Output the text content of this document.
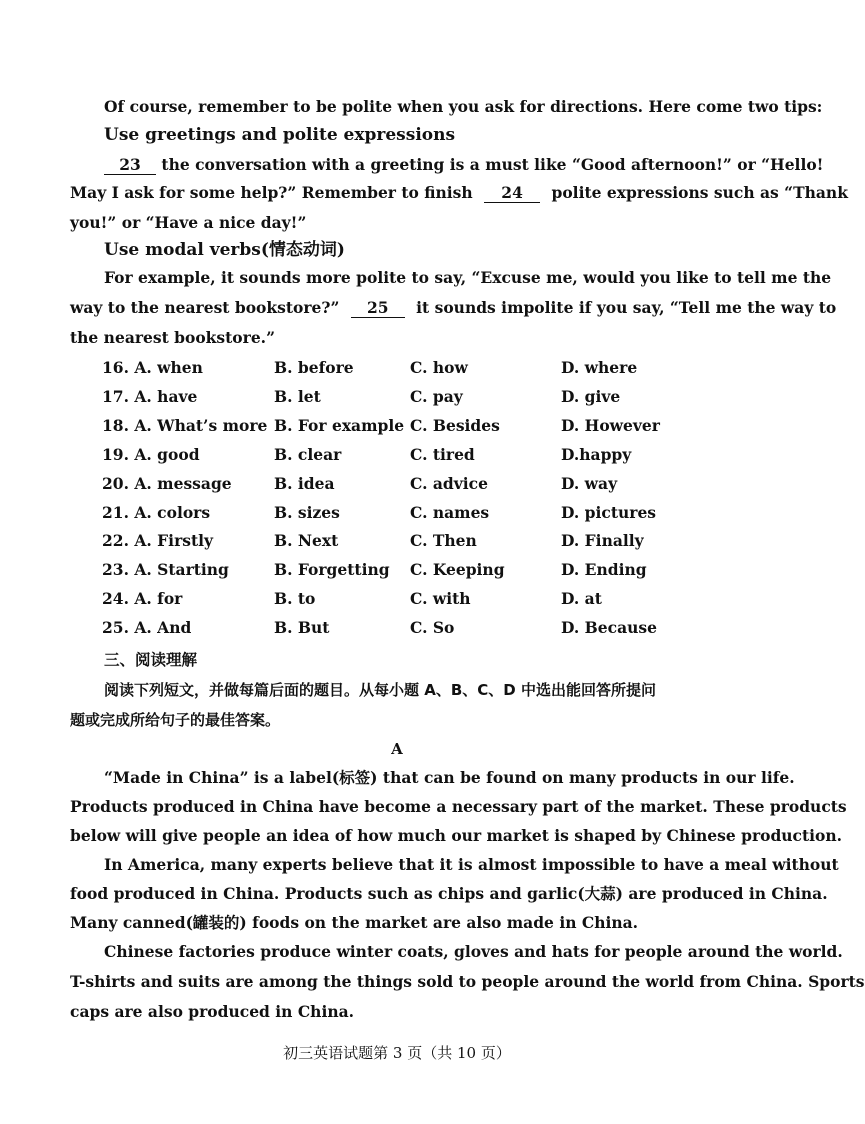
Of course, remember to be polite when you ask for directions. Here come two tips:
Use greetings and polite expressions
23 the conversation with a greeting is a must like “Good afternoon!” or “Hello!
May I ask for some help?” Remember to finish 24 polite expressions such as “Thank
you!” or “Have a nice day!”
Use modal verbs(情态动词)
For example, it sounds more polite to say, “Excuse me, would you like to tell me the
way to the nearest bookstore?” 25 it sounds impolite if you say, “Tell me the way to
the nearest bookstore.”
16. A. when	B. before	C. how	D. where
17. A. have	B. let	C. pay	D. give
18. A. What’s more B. For example C. Besides	D. However
19. A. good	B. clear	C. tired	D.happy
20. A. message	B. idea	C. advice	D. way
21. A. colors	B. sizes	C. names	D. pictures
22. A. Firstly	B. Next	C. Then	D. Finally
23. A. Starting	B. Forgetting C. Keeping	D. Ending
24. A. for	B. to	C. with	D. at
25. A. And	B. But	C. So	D. Because
三、阅读理解
阅读下列短文，并做每篇后面的题目。从每小题 A、B、C、D 中选出能回答所提问
题或完成所给句子的最佳答案。
A
“Made in China” is a label(标签) that can be found on many products in our life.
Products produced in China have become a necessary part of the market. These products
below will give people an idea of how much our market is shaped by Chinese production.
In America, many experts believe that it is almost impossible to have a meal without
food produced in China. Products such as chips and garlic(大蒜) are produced in China.
Many canned(罐装的) foods on the market are also made in China.
Chinese factories produce winter coats, gloves and hats for people around the world.
T-shirts and suits are among the things sold to people around the world from China. Sports
caps are also produced in China.
初三英语试题第 3 页（共 10 页）
